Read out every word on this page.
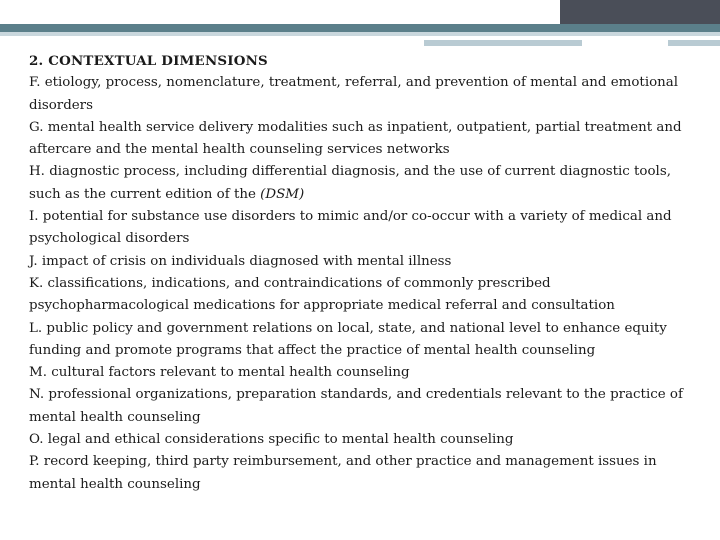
2. CONTEXTUAL DIMENSIONS

F. etiology, process, nomenclature, treatment, referral, and prevention of mental and emotional disorders

G. mental health service delivery modalities such as inpatient, outpatient, partial treatment and aftercare and the mental health counseling services networks

H. diagnostic process, including differential diagnosis, and the use of current diagnostic tools, such as the current edition of the (DSM)

I. potential for substance use disorders to mimic and/or co-occur with a variety of medical and psychological disorders

J. impact of crisis on individuals diagnosed with mental illness

K. classifications, indications, and contraindications of commonly prescribed psychopharmacological medications for appropriate medical referral and consultation

L. public policy and government relations on local, state, and national level to enhance equity funding and promote programs that affect the practice of mental health counseling

M. cultural factors relevant to mental health counseling

N. professional organizations, preparation standards, and credentials relevant to the practice of mental health counseling

O. legal and ethical considerations specific to mental health counseling

P. record keeping, third party reimbursement, and other practice and management issues in mental health counseling
